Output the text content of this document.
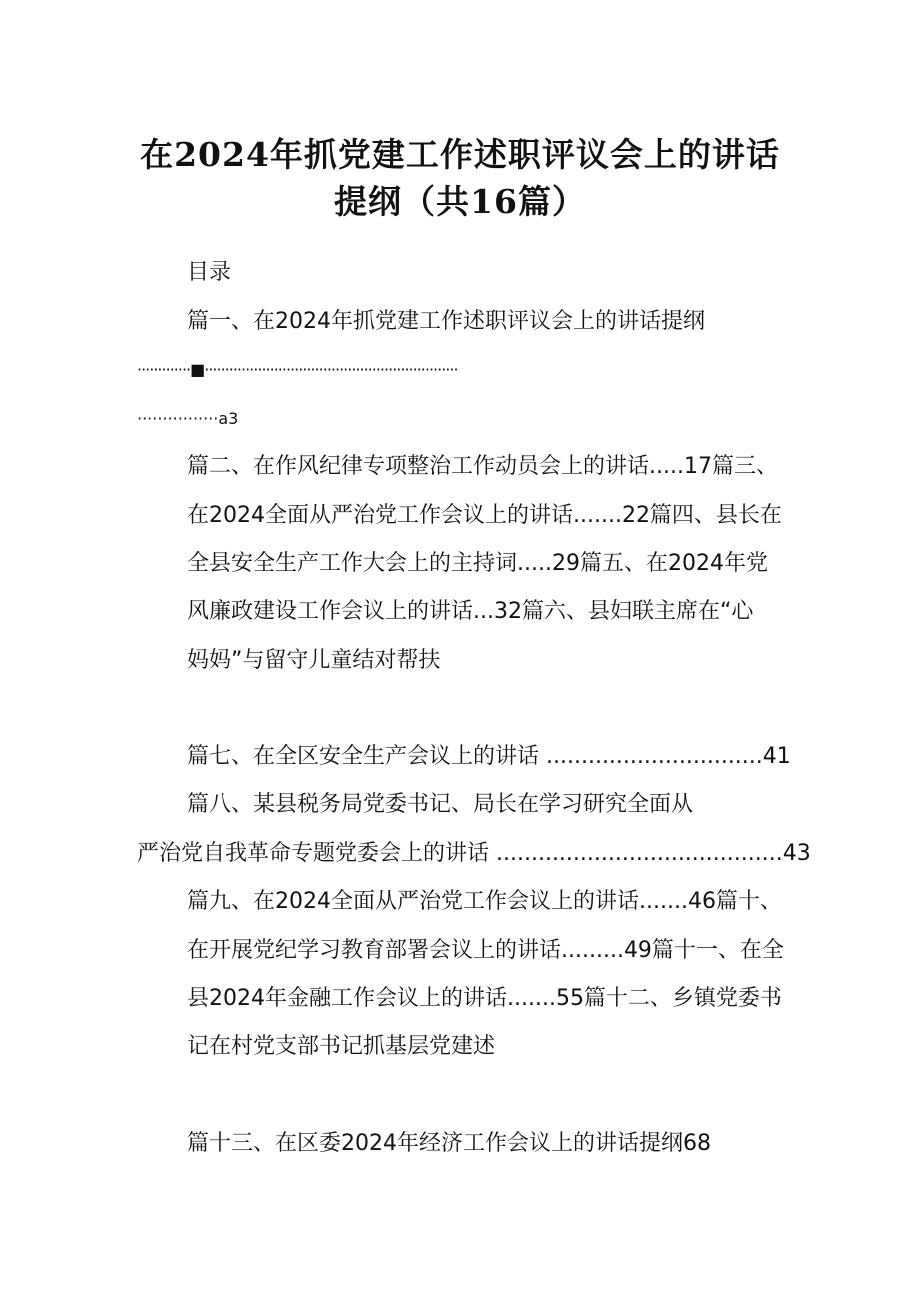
在2024年抓党建工作述职评议会上的讲话
提纲（共16篇）

目录

篇一、在2024年抓党建工作述职评议会上的讲话提纲

·············■······························································

················a3

篇二、在作风纪律专项整治工作动员会上的讲话.....17篇三、

在2024全面从严治党工作会议上的讲话.......22篇四、县长在

全县安全生产工作大会上的主持词.....29篇五、在2024年党

风廉政建设工作会议上的讲话...32篇六、县妇联主席在“心

妈妈”与留守儿童结对帮扶

篇七、在全区安全生产会议上的讲话 ...............................41

篇八、某县税务局党委书记、局长在学习研究全面从

严治党自我革命专题党委会上的讲话 .........................................43

篇九、在2024全面从严治党工作会议上的讲话.......46篇十、

在开展党纪学习教育部署会议上的讲话.........49篇十一、在全

县2024年金融工作会议上的讲话.......55篇十二、乡镇党委书

记在村党支部书记抓基层党建述

篇十三、在区委2024年经济工作会议上的讲话提纲68
